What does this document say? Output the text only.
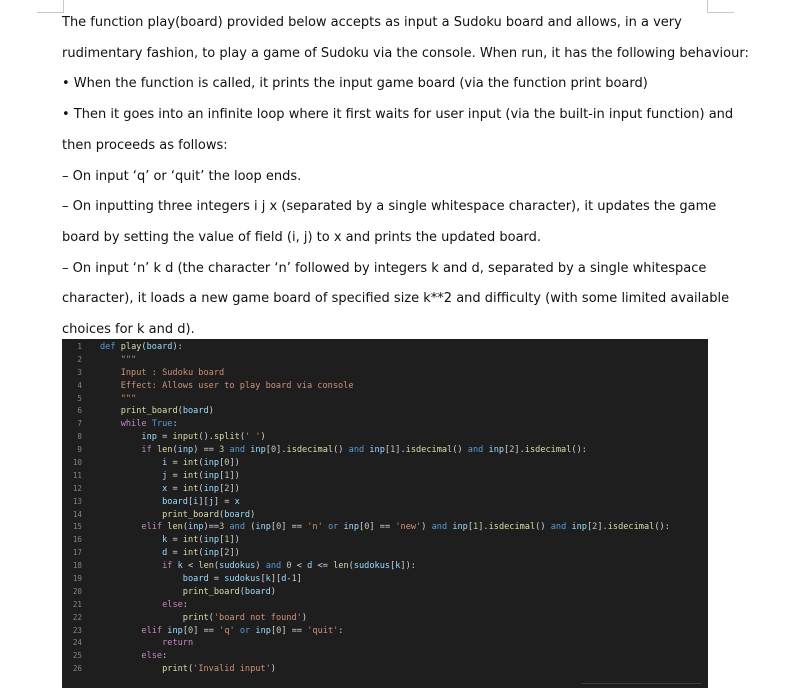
The function play(board) provided below accepts as input a Sudoku board and allows, in a very

rudimentary fashion, to play a game of Sudoku via the console. When run, it has the following behaviour:

• When the function is called, it prints the input game board (via the function print board)

• Then it goes into an infinite loop where it first waits for user input (via the built-in input function) and

then proceeds as follows:

– On input ‘q’ or ‘quit’ the loop ends.

– On inputting three integers i j x (separated by a single whitespace character), it updates the game

board by setting the value of field (i, j) to x and prints the updated board.

– On input ‘n’ k d (the character ‘n’ followed by integers k and d, separated by a single whitespace

character), it loads a new game board of specified size k**2 and difficulty (with some limited available

choices for k and d).

1 def play(board):
2    """
3    Input : Sudoku board
4    Effect: Allows user to play board via console
5    """
6	print_board(board)
7	while True:
8	inp = input().split(' ')
9	if len(inp) == 3 and inp[0].isdecimal() and inp[1].isdecimal() and inp[2].isdecimal():
10	i = int(inp[0])
11	j = int(inp[1])
12	x = int(inp[2])
13	board[i][j] = x
14	print_board(board)
15	elif len(inp)==3 and (inp[0] == 'n' or inp[0] == 'new') and inp[1].isdecimal() and inp[2].isdecimal():
16	k = int(inp[1])
17	d = int(inp[2])
18	if k < len(sudokus) and 0 < d <= len(sudokus[k]):
19	board = sudokus[k][d-1]
20	print_board(board)
21	else:
22	print('board not found')
23	elif inp[0] == 'q' or inp[0] == 'quit':
24	return
25	else:
26	print('Invalid input')
